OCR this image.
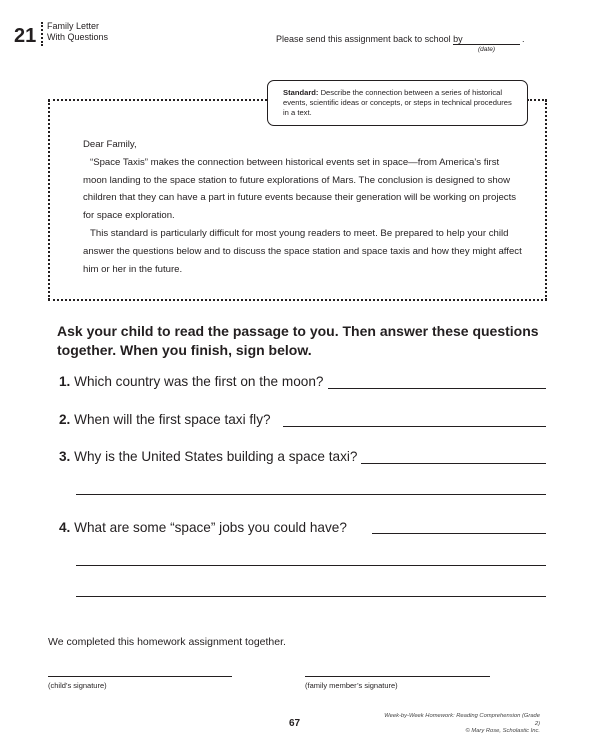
21 Family Letter
With Questions	Please send this assignment back to school by	.
(date)
Standard: Describe the connection between a series of historical events, scientific ideas or concepts, or steps in technical procedures in a text.

Dear Family,

“Space Taxis” makes the connection between historical events set in space—from America’s first moon landing to the space station to future explorations of Mars. The conclusion is designed to show children that they can have a part in future events because their generation will be working on projects for space exploration.

This standard is particularly difficult for most young readers to meet. Be prepared to help your child answer the questions below and to discuss the space station and space taxis and how they might affect him or her in the future.

Ask your child to read the passage to you. Then answer these questions together. When you finish, sign below.
1. Which country was the first on the moon?
2. When will the first space taxi fly?
3. Why is the United States building a space taxi?
4. What are some “space” jobs you could have?
We completed this homework assignment together.
(child’s signature)	(family member’s signature)
67
Week-by-Week Homework: Reading Comprehension (Grade 2)
© Mary Rose, Scholastic Inc.
